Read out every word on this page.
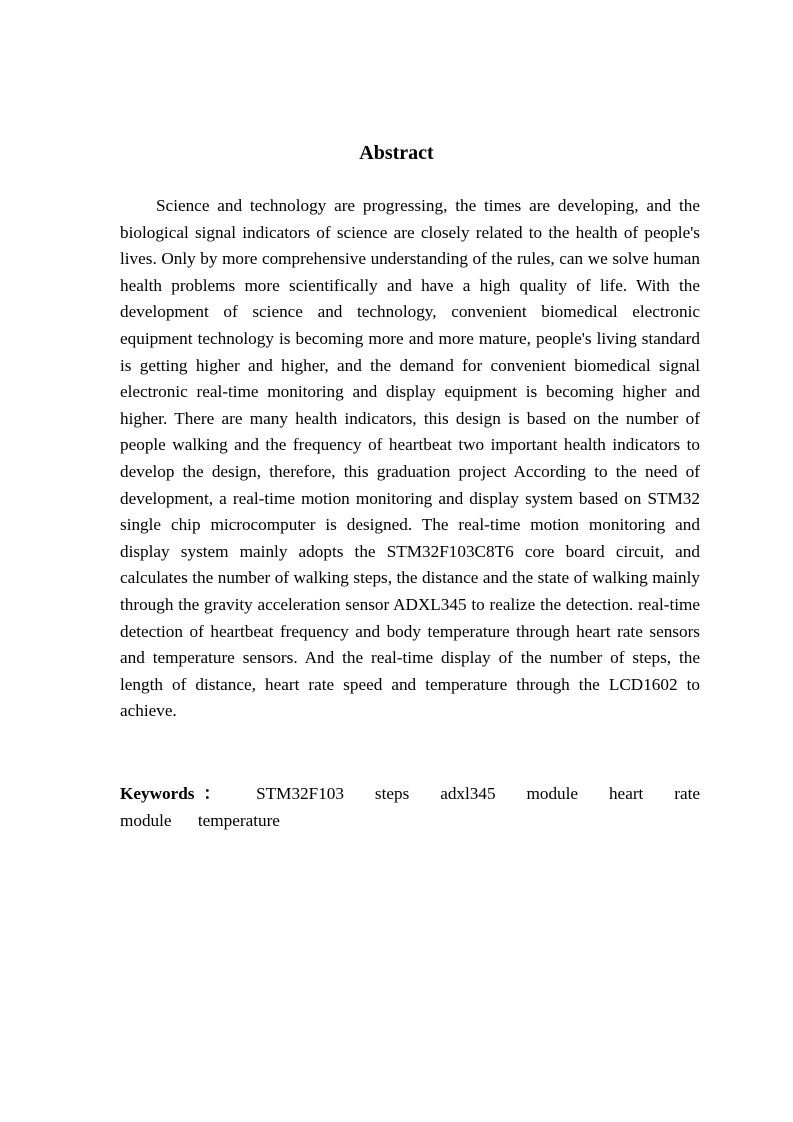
Abstract

Science and technology are progressing, the times are developing, and the biological signal indicators of science are closely related to the health of people's lives. Only by more comprehensive understanding of the rules, can we solve human health problems more scientifically and have a high quality of life. With the development of science and technology, convenient biomedical electronic equipment technology is becoming more and more mature, people's living standard is getting higher and higher, and the demand for convenient biomedical signal electronic real-time monitoring and display equipment is becoming higher and higher. There are many health indicators, this design is based on the number of people walking and the frequency of heartbeat two important health indicators to develop the design, therefore, this graduation project According to the need of development, a real-time motion monitoring and display system based on STM32 single chip microcomputer is designed. The real-time motion monitoring and display system mainly adopts the STM32F103C8T6 core board circuit, and calculates the number of walking steps, the distance and the state of walking mainly through the gravity acceleration sensor ADXL345 to realize the detection. real-time detection of heartbeat frequency and body temperature through heart rate sensors and temperature sensors. And the real-time display of the number of steps, the length of distance, heart rate speed and temperature through the LCD1602 to achieve.

Keywords ： STM32F103 steps adxl345 module heart rate module temperature
